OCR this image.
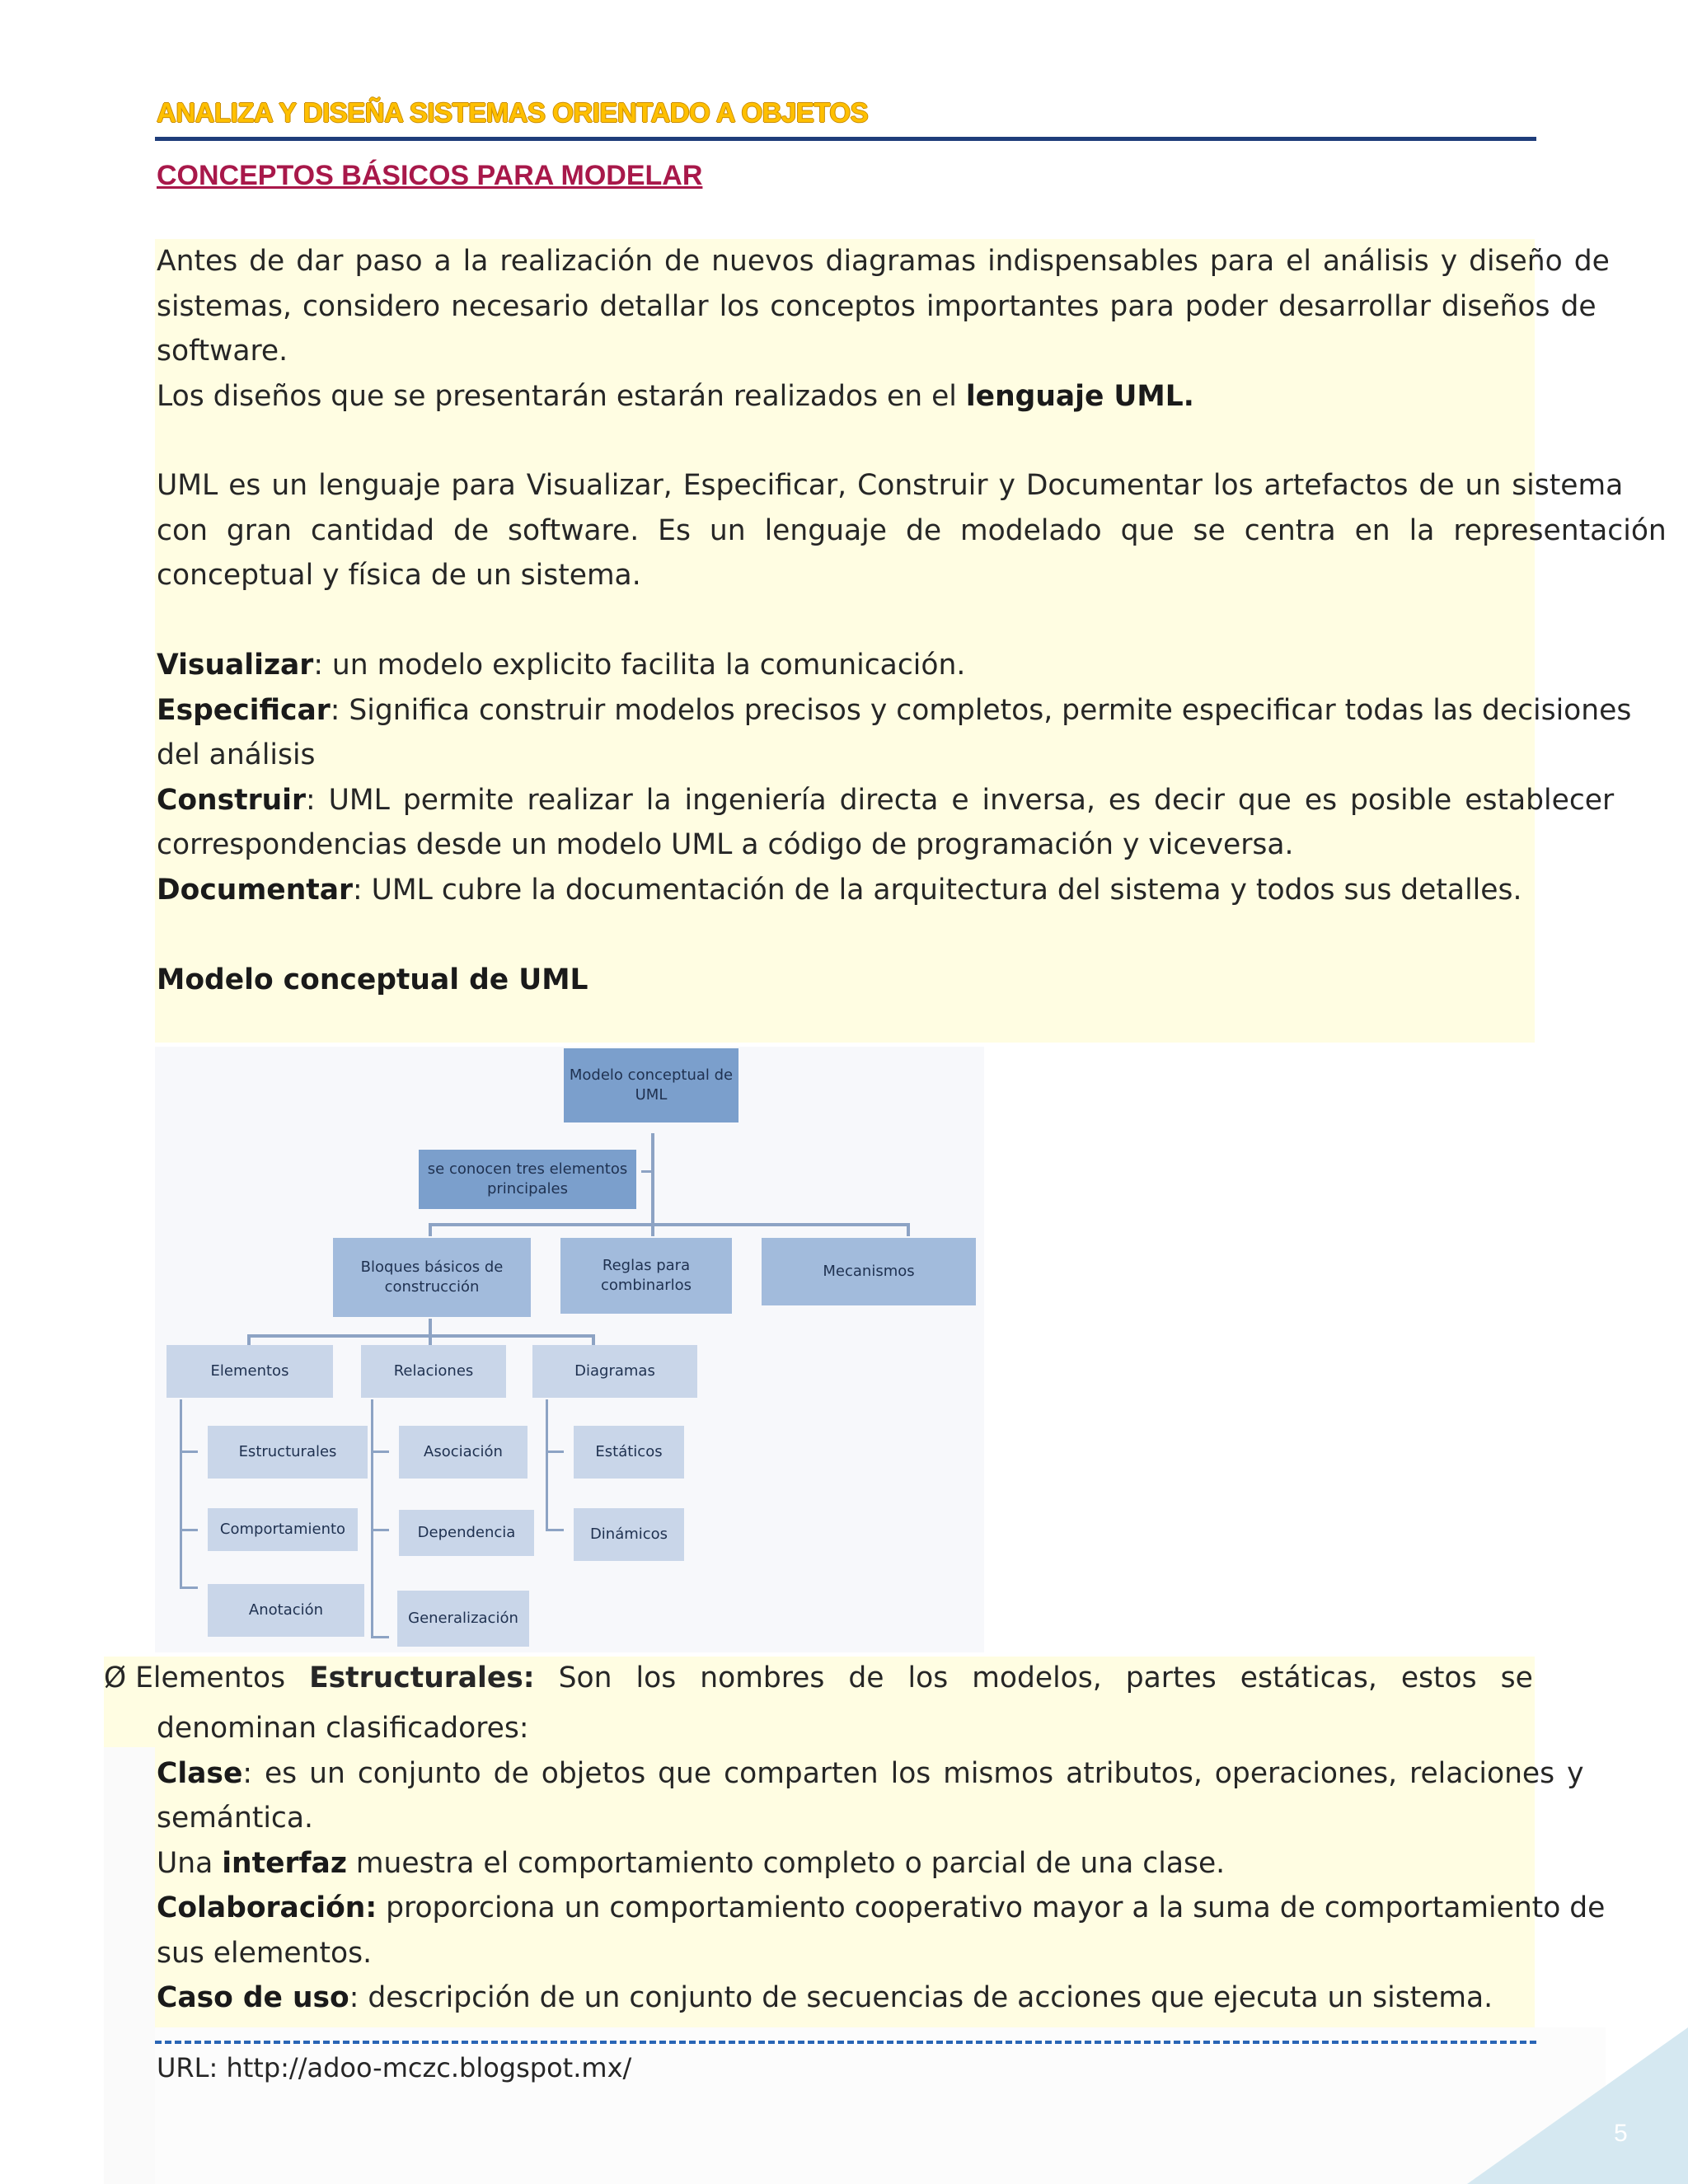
ANALIZA Y DISEÑA SISTEMAS ORIENTADO A OBJETOS
CONCEPTOS BÁSICOS PARA MODELAR
Antes de dar paso a la realización de nuevos diagramas indispensables para el análisis y diseño de
sistemas, considero necesario detallar los conceptos importantes para poder desarrollar diseños de
software.
Los diseños que se presentarán estarán realizados en el lenguaje UML.
UML es un lenguaje para Visualizar, Especificar, Construir y Documentar los artefactos de un sistema
con gran cantidad de software. Es un lenguaje de modelado que se centra en la representación
conceptual y física de un sistema.
Visualizar: un modelo explicito facilita la comunicación.
Especificar: Significa construir modelos precisos y completos, permite especificar todas las decisiones
del análisis
Construir: UML permite realizar la ingeniería directa e inversa, es decir que es posible establecer
correspondencias desde un modelo UML a código de programación y viceversa.
Documentar: UML cubre la documentación de la arquitectura del sistema y todos sus detalles.
Modelo conceptual de UML
Modelo conceptual de UML
se conocen tres elementos principales
Bloques básicos de construcción
Reglas para combinarlos
Mecanismos
Elementos	Relaciones	Diagramas
Estructurales
Comportamiento
Anotación
Asociación
Dependencia
Generalización
Estáticos
Dinámicos
Ø Elementos Estructurales: Son los nombres de los modelos, partes estáticas, estos se
denominan clasificadores:
Clase: es un conjunto de objetos que comparten los mismos atributos, operaciones, relaciones y
semántica.
Una interfaz muestra el comportamiento completo o parcial de una clase.
Colaboración: proporciona un comportamiento cooperativo mayor a la suma de comportamiento de
sus elementos.
Caso de uso: descripción de un conjunto de secuencias de acciones que ejecuta un sistema.
URL: http://adoo-mczc.blogspot.mx/
5
